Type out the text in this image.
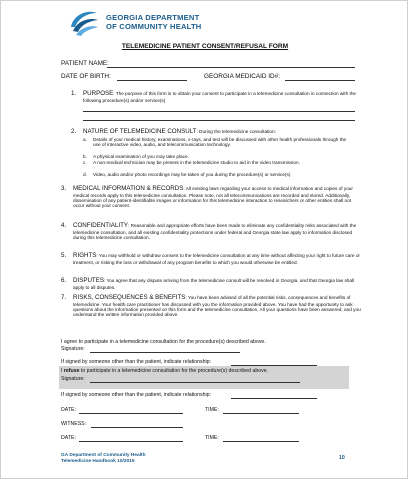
GEORGIA DEPARTMENT
OF COMMUNITY HEALTH
TELEMEDICINE PATIENT CONSENT/REFUSAL FORM
PATIENT NAME:
DATE OF BIRTH:	GEORGIA MEDICAID ID#:
1. PURPOSE: The purpose of this form is to obtain your consent to participate in a telemedicine consultation in connection with the following procedure(s) and/or service(s)
2. NATURE OF TELEMEDICINE CONSULT: During the telemedicine consultation:
a. Details of your medical history, examinations, x-rays, and test will be discussed with other health professionals through the use of interactive video, audio, and telecommunication technology.
b. A physical examination of you may take place.
c. A non-medical technician may be present in the telemedicine studio to aid in the video transmission.
d. Video, audio and/or photo recordings may be taken of you during the procedure(s) or service(s)
3. MEDICAL INFORMATION & RECORDS: All existing laws regarding your access to medical information and copies of your medical records apply to this telemedicine consultation. Please note, not all telecommunications are recorded and stored. Additionally, dissemination of any patient-identifiable images or information for this telemedicine interaction to researchers or other entities shall not occur without your consent.
4. CONFIDENTIALITY: Reasonable and appropriate efforts have been made to eliminate any confidentiality risks associated with the telemedicine consultation, and all existing confidentiality protections under federal and Georgia state law apply to information disclosed during this telemedicine consultation.
5. RIGHTS: You may withhold or withdraw consent to the telemedicine consultation at any time without affecting your right to future care or treatment, or risking the loss or withdrawal of any program benefits to which you would otherwise be entitled.
6. DISPUTES: You agree that any dispute arriving from the telemedicine consult will be resolved in Georgia, and that Georgia law shall apply to all disputes.
7. RISKS, CONSEQUENCES & BENEFITS: You have been advised of all the potential risks, consequences and benefits of telemedicine. Your health care practitioner has discussed with you the information provided above. You have had the opportunity to ask questions about the information presented on this form and the telemedicine consultation. All your questions have been answered, and you understand the written information provided above.
I agree to participate in a telemedicine consultation for the procedure(s) described above.
Signature:
If signed by someone other than the patient, indicate relationship:
I refuse to participate in a telemedicine consultation for the procedure(s) described above.
Signature:
If signed by someone other than the patient, indicate relationship:
DATE:	TIME:
WITNESS:
DATE:	TIME:
GA Department of Community Health
Telemedicine Handbook 10/2015
10
